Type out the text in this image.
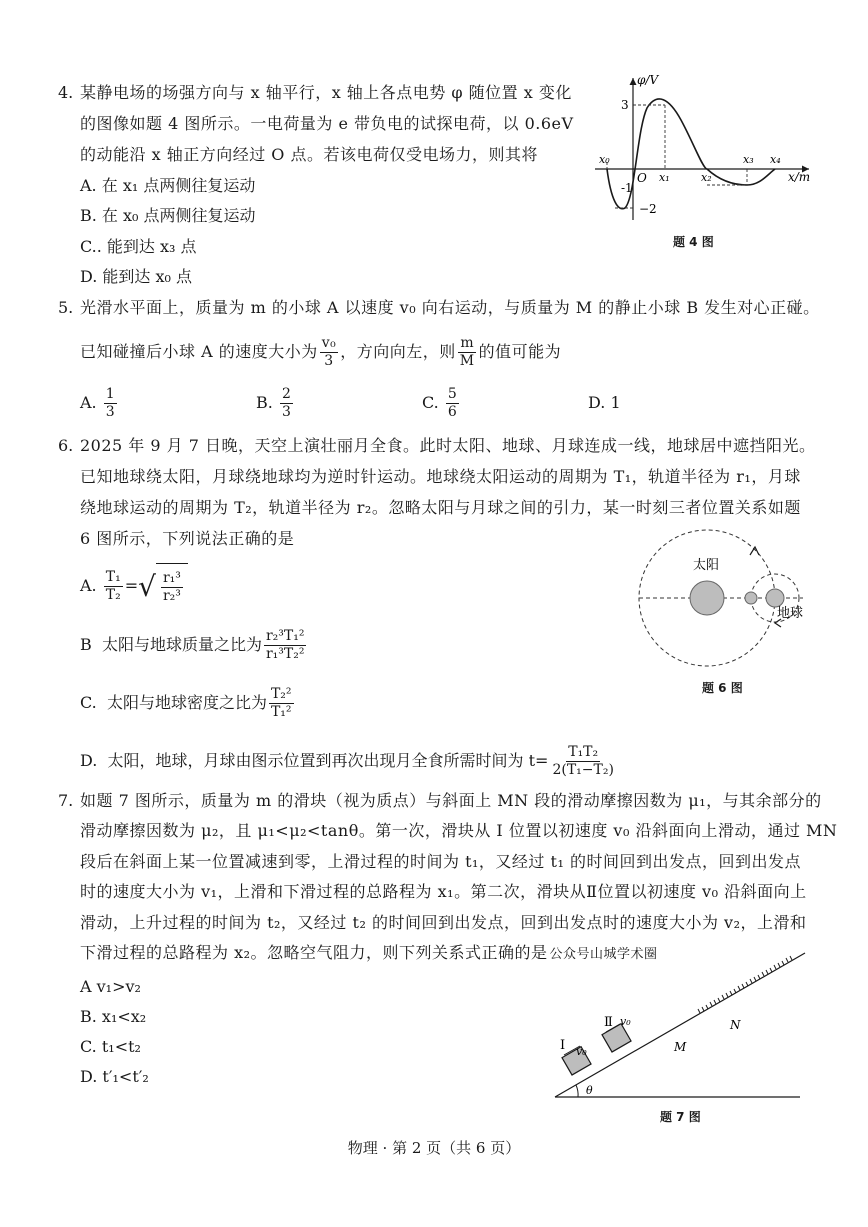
4. 某静电场的场强方向与 x 轴平行，x 轴上各点电势 φ 随位置 x 变化
的图像如题 4 图所示。一电荷量为 e 带负电的试探电荷，以 0.6eV
的动能沿 x 轴正方向经过 O 点。若该电荷仅受电场力，则其将
A. 在 x₁ 点两侧往复运动
B. 在 x₀ 点两侧往复运动
C.. 能到达 x₃ 点
D. 能到达 x₀ 点
φ/V
3
-1
−2
O
x₀
x₁	x₂
x₃ x₄
x/m
题 4 图
5. 光滑水平面上，质量为 m 的小球 A 以速度 v₀ 向右运动，与质量为 M 的静止小球 B 发生对心正碰。
已知碰撞后小球 A 的速度大小为 $\frac{\text{v₀}}{3}$ ，方向向左，则 $\frac{m}{M}$ 的值可能为
A. $\frac{1}{3}$	B. $\frac{2}{3}$	C. $\frac{5}{6}$	D. 1
6. 2025 年 9 月 7 日晚，天空上演壮丽月全食。此时太阳、地球、月球连成一线，地球居中遮挡阳光。
已知地球绕太阳，月球绕地球均为逆时针运动。地球绕太阳运动的周期为 T₁，轨道半径为 r₁，月球
绕地球运动的周期为 T₂，轨道半径为 r₂。忽略太阳与月球之间的引力，某一时刻三者位置关系如题
6 图所示，下列说法正确的是
A. $\frac{\text{T₁}}{\text{T₂}}$ = √ $\frac{\text{r₁³}}{\text{r₂³}}$
B 太阳与地球质量之比为 $\frac{\text{r₂³T₁²}}{\text{r₁³T₂²}}$
C. 太阳与地球密度之比为 $\frac{\text{T₂²}}{\text{T₁²}}$
D. 太阳，地球，月球由图示位置到再次出现月全食所需时间为 $t= \frac{\text{T₁T₂}}{\text{2(T₁−T₂)}}$
太阳
地球
题 6 图
7. 如题 7 图所示，质量为 m 的滑块（视为质点）与斜面上 MN 段的滑动摩擦因数为 μ₁，与其余部分的
滑动摩擦因数为 μ₂，且 μ₁<μ₂<tanθ。第一次，滑块从 I 位置以初速度 v₀ 沿斜面向上滑动，通过 MN
段后在斜面上某一位置减速到零，上滑过程的时间为 t₁，又经过 t₁ 的时间回到出发点，回到出发点
时的速度大小为 v₁，上滑和下滑过程的总路程为 x₁。第二次，滑块从Ⅱ位置以初速度 v₀ 沿斜面向上
滑动，上升过程的时间为 t₂，又经过 t₂ 的时间回到出发点，回到出发点时的速度大小为 v₂，上滑和
下滑过程的总路程为 x₂。忽略空气阻力，则下列关系式正确的是 公众号山城学术圈
A v₁>v₂
B. x₁<x₂
C. t₁<t₂
D. t′₁<t′₂
I v₀
Ⅱ v₀
M
N
θ
题 7 图
物理 · 第 2 页（共 6 页）
